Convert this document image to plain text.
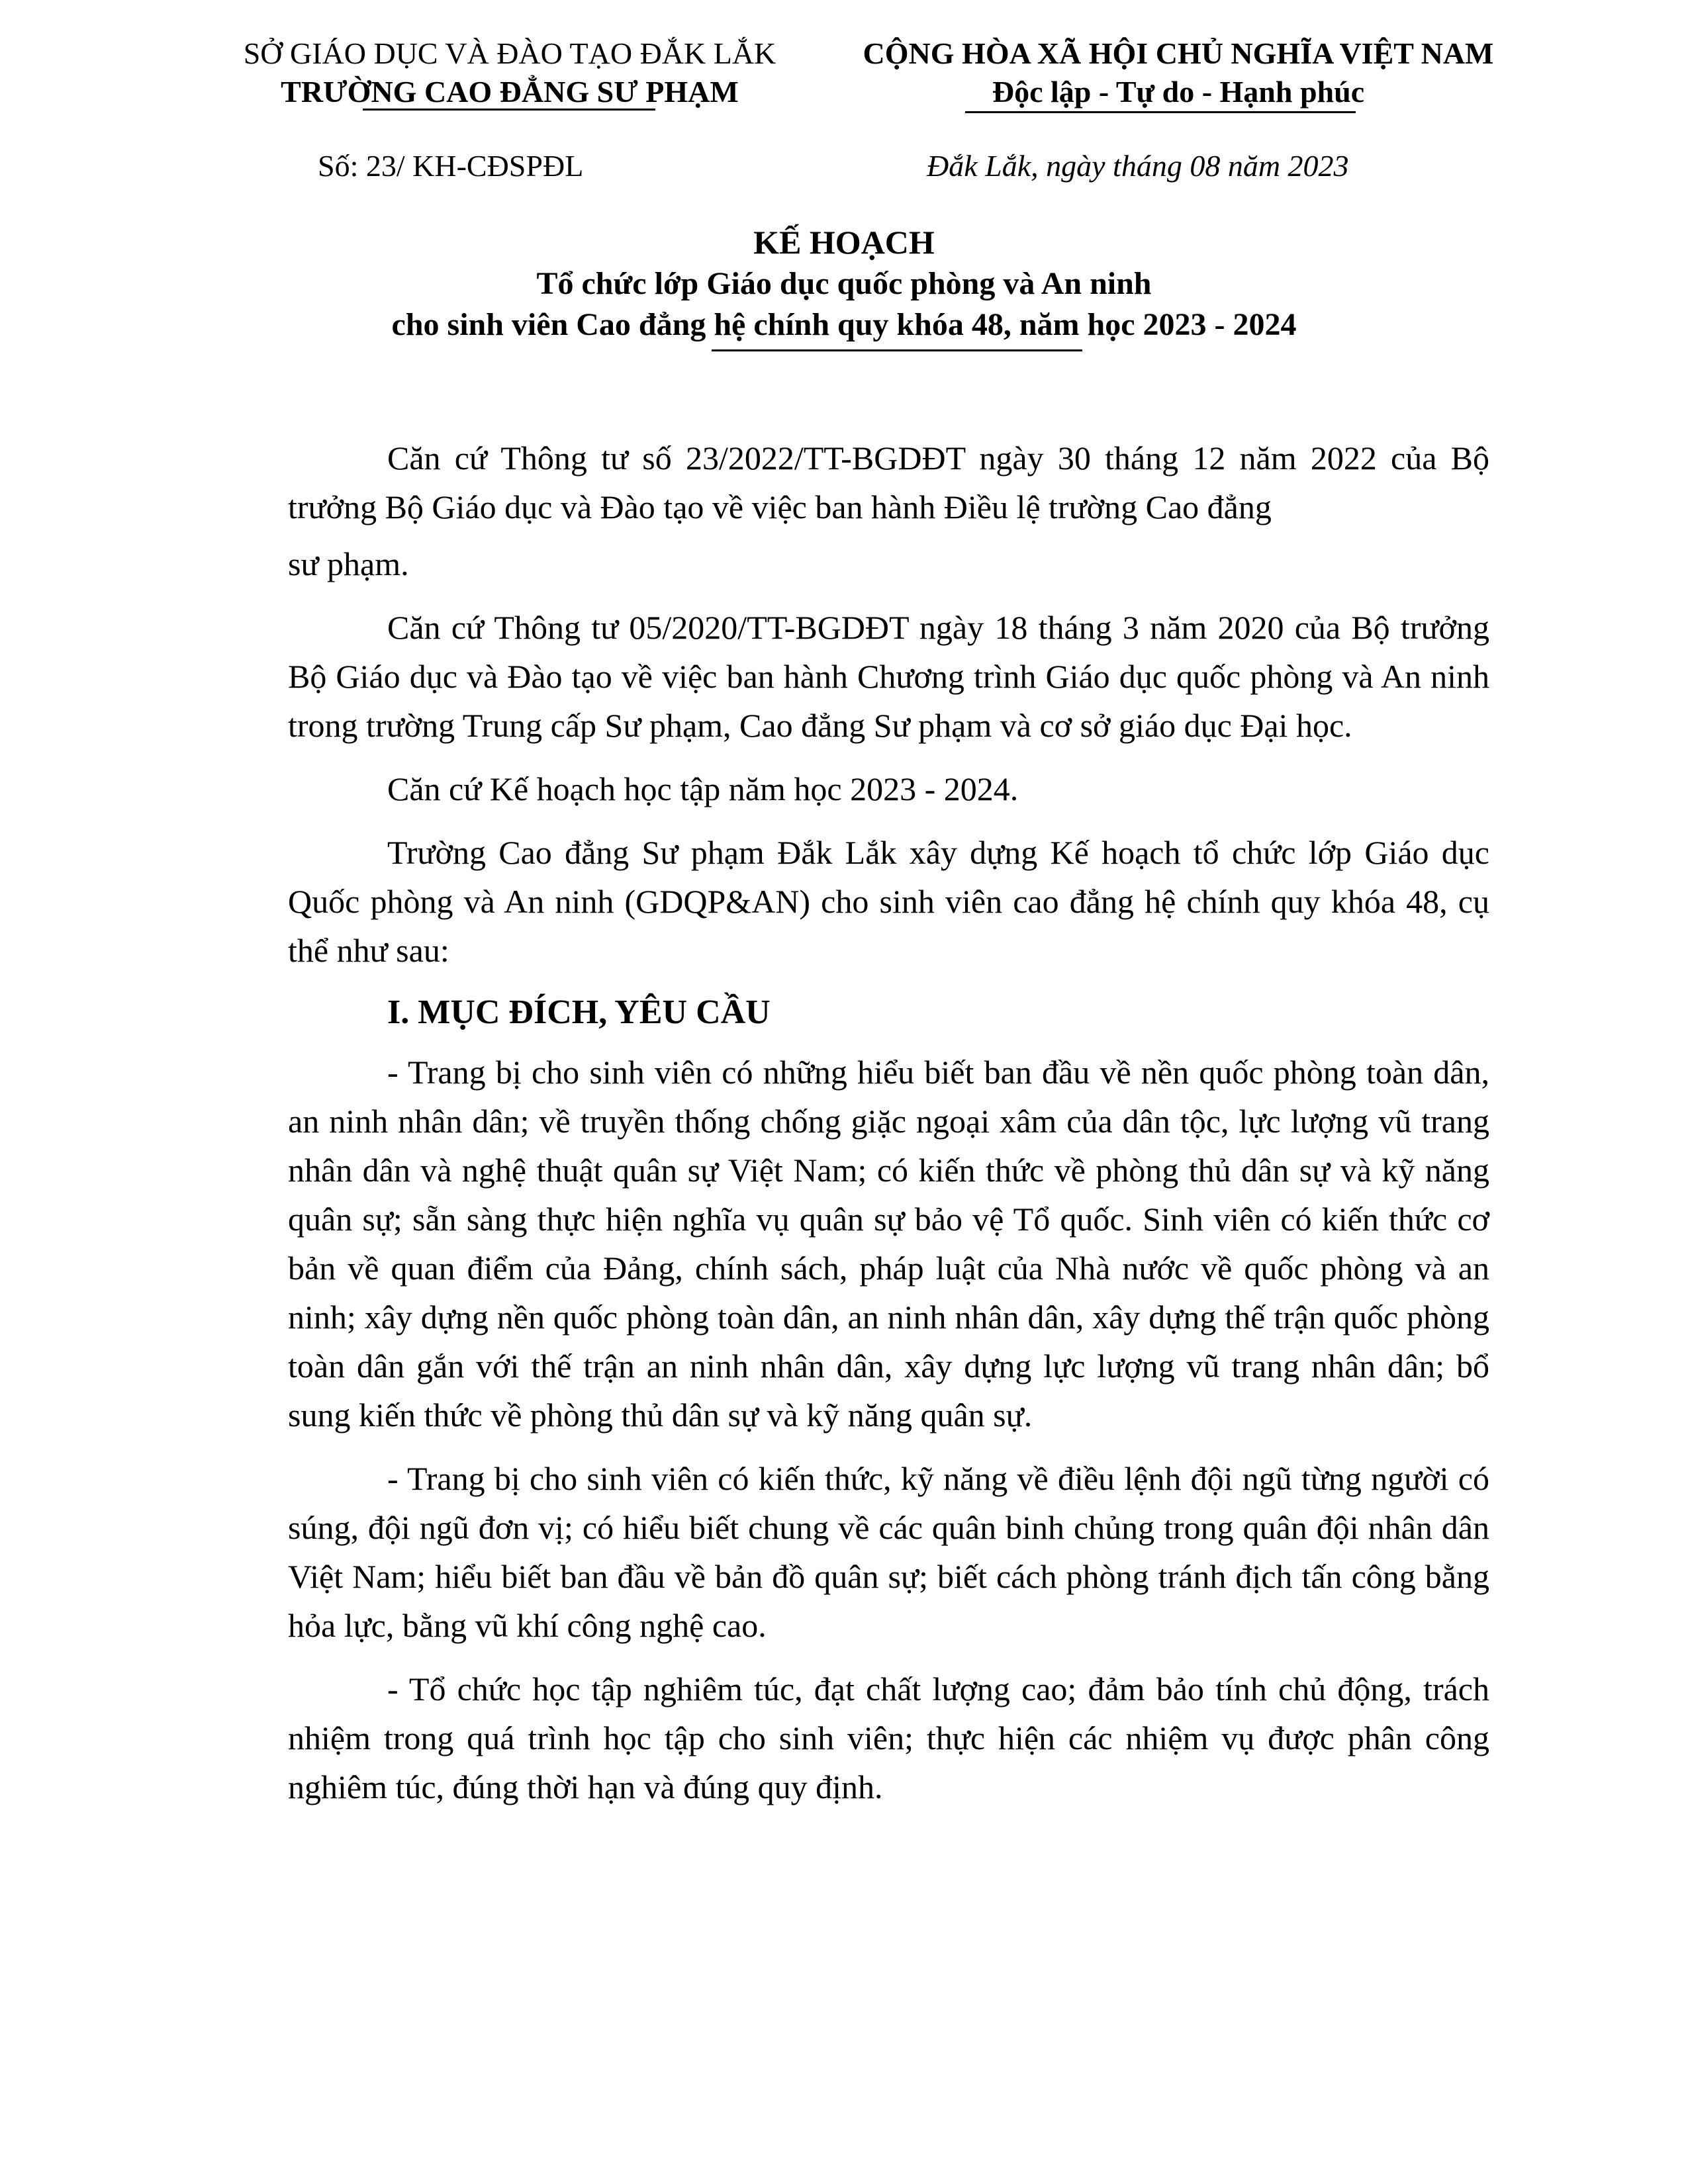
SỞ GIÁO DỤC VÀ ĐÀO TẠO ĐẮK LẮK
TRƯỜNG CAO ĐẲNG SƯ PHẠM
CỘNG HÒA XÃ HỘI CHỦ NGHĨA VIỆT NAM
Độc lập - Tự do - Hạnh phúc
Số: 23/ KH-CĐSPĐL	Đắk Lắk, ngày tháng 08 năm 2023
KẾ HOẠCH
Tổ chức lớp Giáo dục quốc phòng và An ninh
cho sinh viên Cao đẳng hệ chính quy khóa 48, năm học 2023 - 2024

Căn cứ Thông tư số 23/2022/TT-BGDĐT ngày 30 tháng 12 năm 2022 của Bộ trưởng Bộ Giáo dục và Đào tạo về việc ban hành Điều lệ trường Cao đẳng

sư phạm.

Căn cứ Thông tư 05/2020/TT-BGDĐT ngày 18 tháng 3 năm 2020 của Bộ trưởng Bộ Giáo dục và Đào tạo về việc ban hành Chương trình Giáo dục quốc phòng và An ninh trong trường Trung cấp Sư phạm, Cao đẳng Sư phạm và cơ sở giáo dục Đại học.

Căn cứ Kế hoạch học tập năm học 2023 - 2024.

Trường Cao đẳng Sư phạm Đắk Lắk xây dựng Kế hoạch tổ chức lớp Giáo dục Quốc phòng và An ninh (GDQP&AN) cho sinh viên cao đẳng hệ chính quy khóa 48, cụ thể như sau:

I. MỤC ĐÍCH, YÊU CẦU

- Trang bị cho sinh viên có những hiểu biết ban đầu về nền quốc phòng toàn dân, an ninh nhân dân; về truyền thống chống giặc ngoại xâm của dân tộc, lực lượng vũ trang nhân dân và nghệ thuật quân sự Việt Nam; có kiến thức về phòng thủ dân sự và kỹ năng quân sự; sẵn sàng thực hiện nghĩa vụ quân sự bảo vệ Tổ quốc. Sinh viên có kiến thức cơ bản về quan điểm của Đảng, chính sách, pháp luật của Nhà nước về quốc phòng và an ninh; xây dựng nền quốc phòng toàn dân, an ninh nhân dân, xây dựng thế trận quốc phòng toàn dân gắn với thế trận an ninh nhân dân, xây dựng lực lượng vũ trang nhân dân; bổ sung kiến thức về phòng thủ dân sự và kỹ năng quân sự.

- Trang bị cho sinh viên có kiến thức, kỹ năng về điều lệnh đội ngũ từng người có súng, đội ngũ đơn vị; có hiểu biết chung về các quân binh chủng trong quân đội nhân dân Việt Nam; hiểu biết ban đầu về bản đồ quân sự; biết cách phòng tránh địch tấn công bằng hỏa lực, bằng vũ khí công nghệ cao.

- Tổ chức học tập nghiêm túc, đạt chất lượng cao; đảm bảo tính chủ động, trách nhiệm trong quá trình học tập cho sinh viên; thực hiện các nhiệm vụ được phân công nghiêm túc, đúng thời hạn và đúng quy định.
